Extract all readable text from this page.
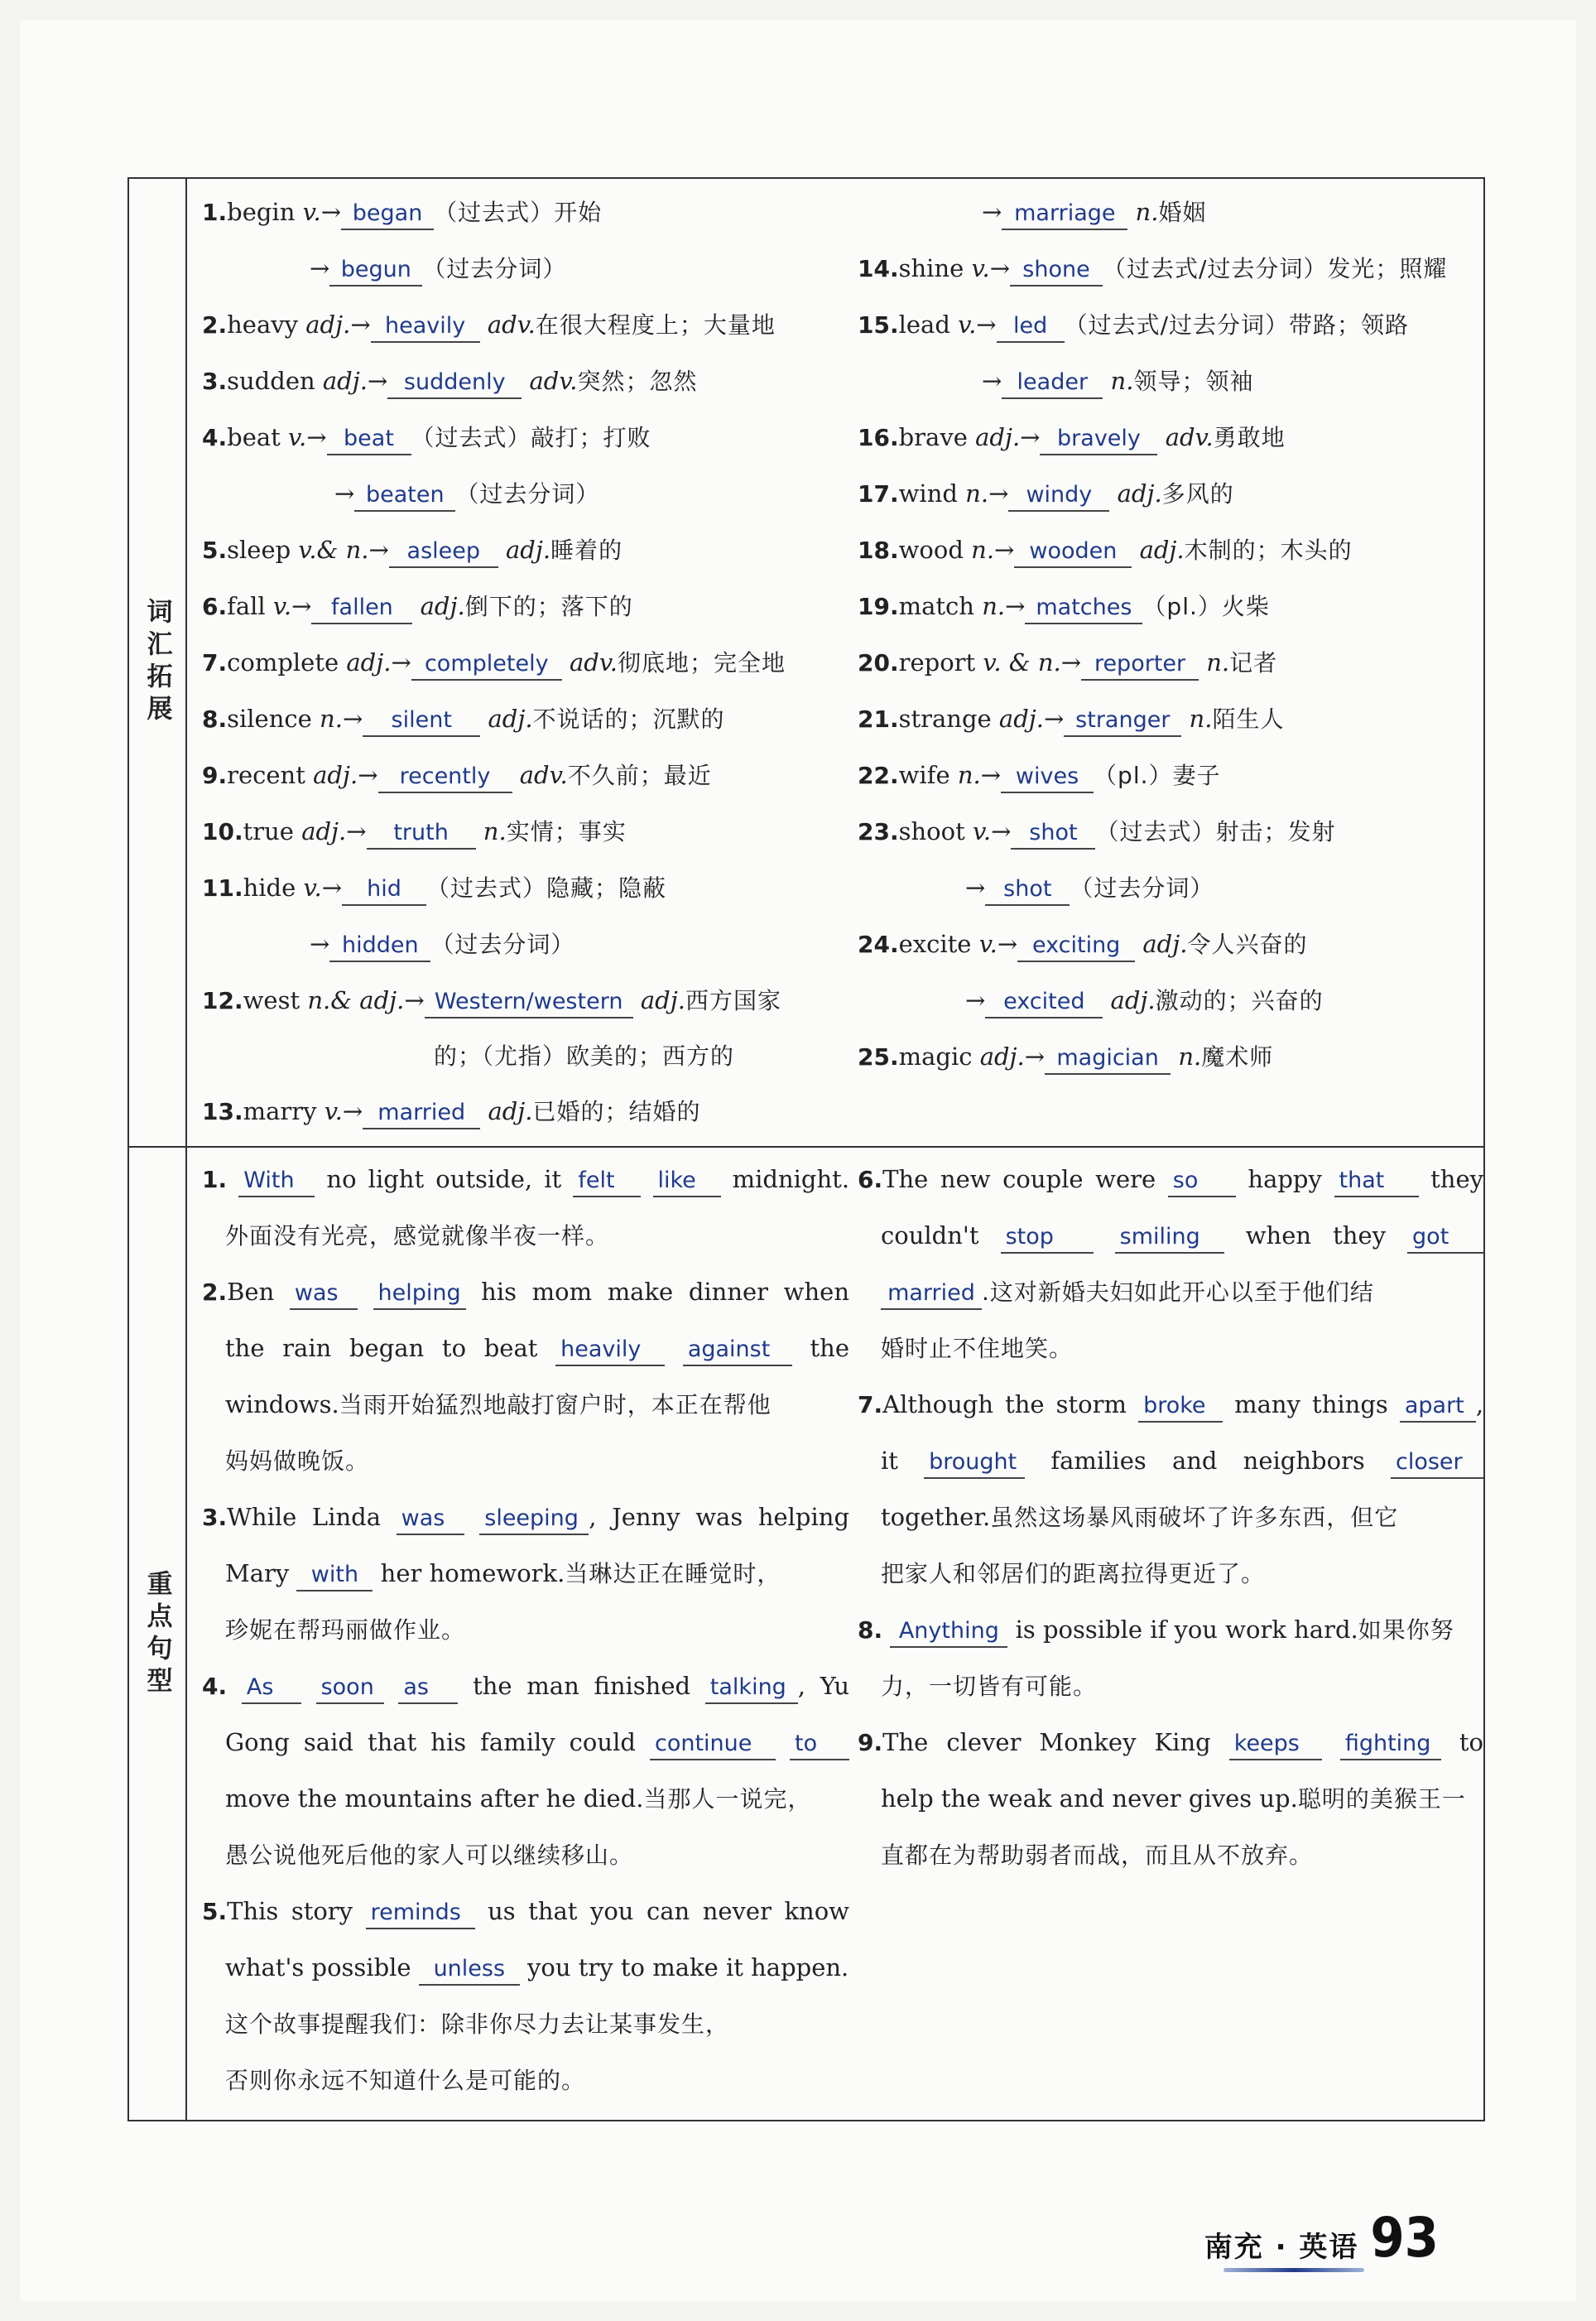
词汇拓展
1.begin v.→ began （过去式）开始
→ begun （过去分词）
2.heavy adj.→ heavily adv.在很大程度上；大量地
3.sudden adj.→ suddenly adv.突然；忽然
4.beat v.→ beat （过去式）敲打；打败
→ beaten （过去分词）
5.sleep v.& n.→ asleep adj.睡着的
6.fall v.→ fallen adj.倒下的；落下的
7.complete adj.→ completely adv.彻底地；完全地
8.silence n.→ silent adj.不说话的；沉默的
9.recent adj.→ recently adv.不久前；最近
10.true adj.→ truth n.实情；事实
11.hide v.→ hid （过去式）隐藏；隐蔽
→ hidden （过去分词）
12.west n.& adj.→ Western/western adj.西方国家
的；（尤指）欧美的；西方的
13.marry v.→ married adj.已婚的；结婚的
→ marriage n.婚姻
14.shine v.→ shone （过去式/过去分词）发光；照耀
15.lead v.→ led （过去式/过去分词）带路；领路
→ leader n.领导；领袖
16.brave adj.→ bravely adv.勇敢地
17.wind n.→ windy adj.多风的
18.wood n.→ wooden adj.木制的；木头的
19.match n.→ matches （pl.）火柴
20.report v. & n.→ reporter n.记者
21.strange adj.→ stranger n.陌生人
22.wife n.→ wives （pl.）妻子
23.shoot v.→ shot （过去式）射击；发射
→ shot （过去分词）
24.excite v.→ exciting adj.令人兴奋的
→ excited adj.激动的；兴奋的
25.magic adj.→ magician n.魔术师
重点句型
1. With no light outside, it felt like midnight.
外面没有光亮，感觉就像半夜一样。
2.Ben was helping his mom make dinner when
the rain began to beat heavily against the
windows.当雨开始猛烈地敲打窗户时，本正在帮他
妈妈做晚饭。
3.While Linda was sleeping , Jenny was helping
Mary with her homework.当琳达正在睡觉时，
珍妮在帮玛丽做作业。
4. As soon as the man finished talking , Yu
Gong said that his family could continue to
move the mountains after he died.当那人一说完，
愚公说他死后他的家人可以继续移山。
5.This story reminds us that you can never know
what's possible unless you try to make it happen.
这个故事提醒我们：除非你尽力去让某事发生，
否则你永远不知道什么是可能的。
6.The new couple were so happy that they
couldn't stop	smiling when they got
married .这对新婚夫妇如此开心以至于他们结
婚时止不住地笑。
7.Although the storm broke many things apart ,
it brought families and neighbors closer
together.虽然这场暴风雨破坏了许多东西，但它
把家人和邻居们的距离拉得更近了。
8. Anything is possible if you work hard.如果你努
力，一切皆有可能。
9.The clever Monkey King keeps fighting to
help the weak and never gives up.聪明的美猴王一
直都在为帮助弱者而战，而且从不放弃。
南充 · 英语 93
